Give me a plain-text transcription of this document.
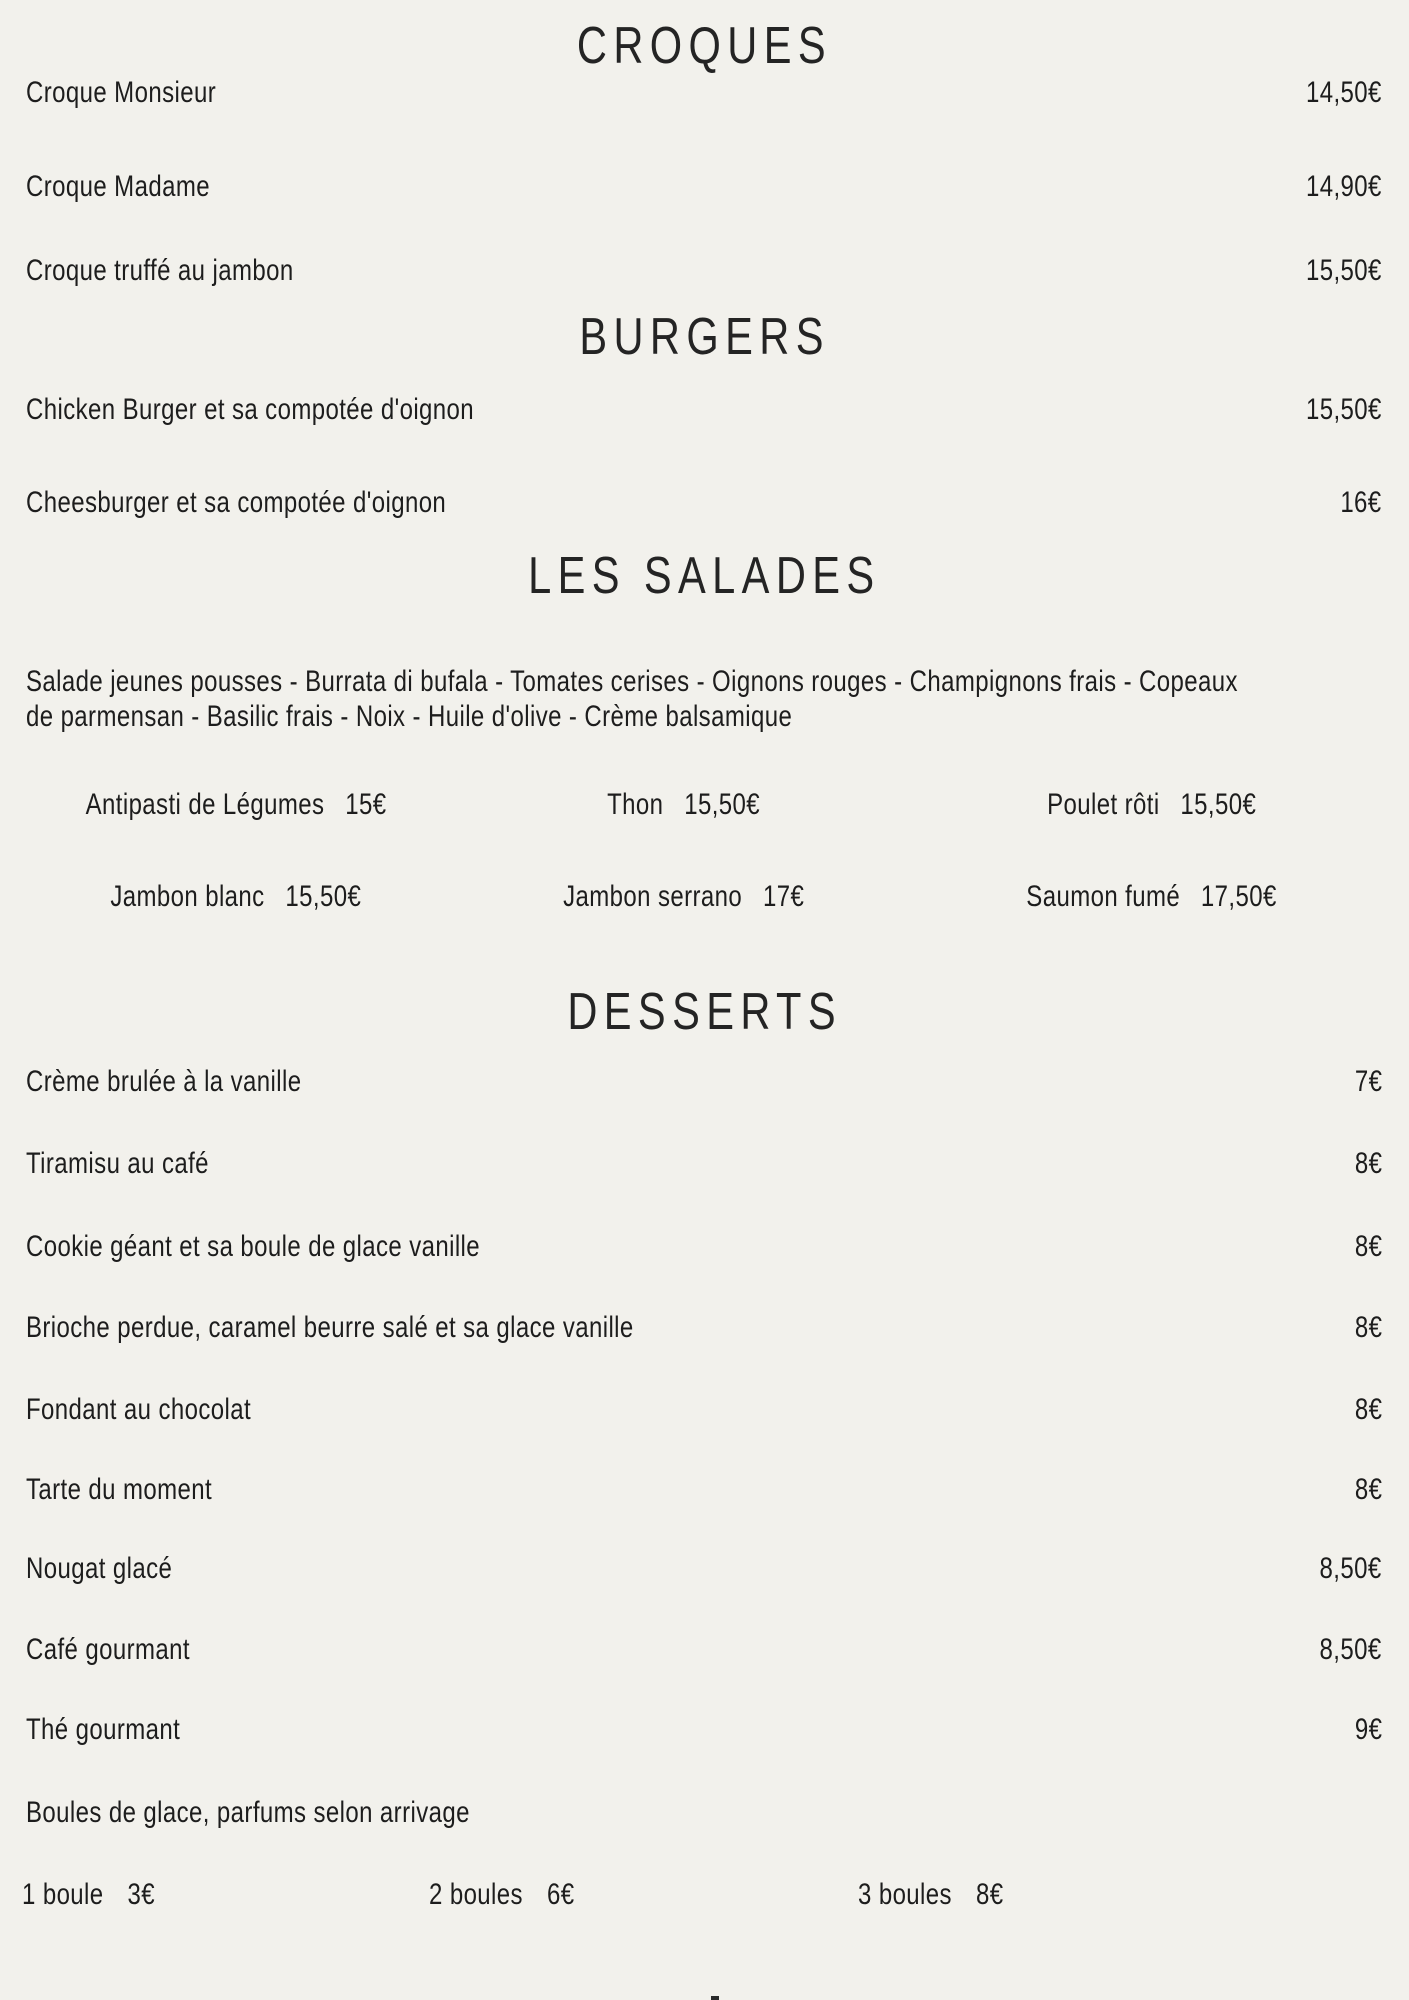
CROQUES
Croque Monsieur	14,50€
Croque Madame	14,90€
Croque truffé au jambon	15,50€
BURGERS
Chicken Burger et sa compotée d'oignon	15,50€
Cheesburger et sa compotée d'oignon	16€
LES SALADES
Salade jeunes pousses - Burrata di bufala - Tomates cerises - Oignons rouges - Champignons frais - Copeaux
de parmensan - Basilic frais - Noix - Huile d'olive - Crème balsamique
Antipasti de Légumes 15€	Thon 15,50€	Poulet rôti 15,50€
Jambon blanc 15,50€	Jambon serrano 17€	Saumon fumé 17,50€
DESSERTS
Crème brulée à la vanille	7€
Tiramisu au café	8€
Cookie géant et sa boule de glace vanille	8€
Brioche perdue, caramel beurre salé et sa glace vanille	8€
Fondant au chocolat	8€
Tarte du moment	8€
Nougat glacé	8,50€
Café gourmant	8,50€
Thé gourmant	9€
Boules de glace, parfums selon arrivage
1 boule 3€	2 boules 6€	3 boules 8€
